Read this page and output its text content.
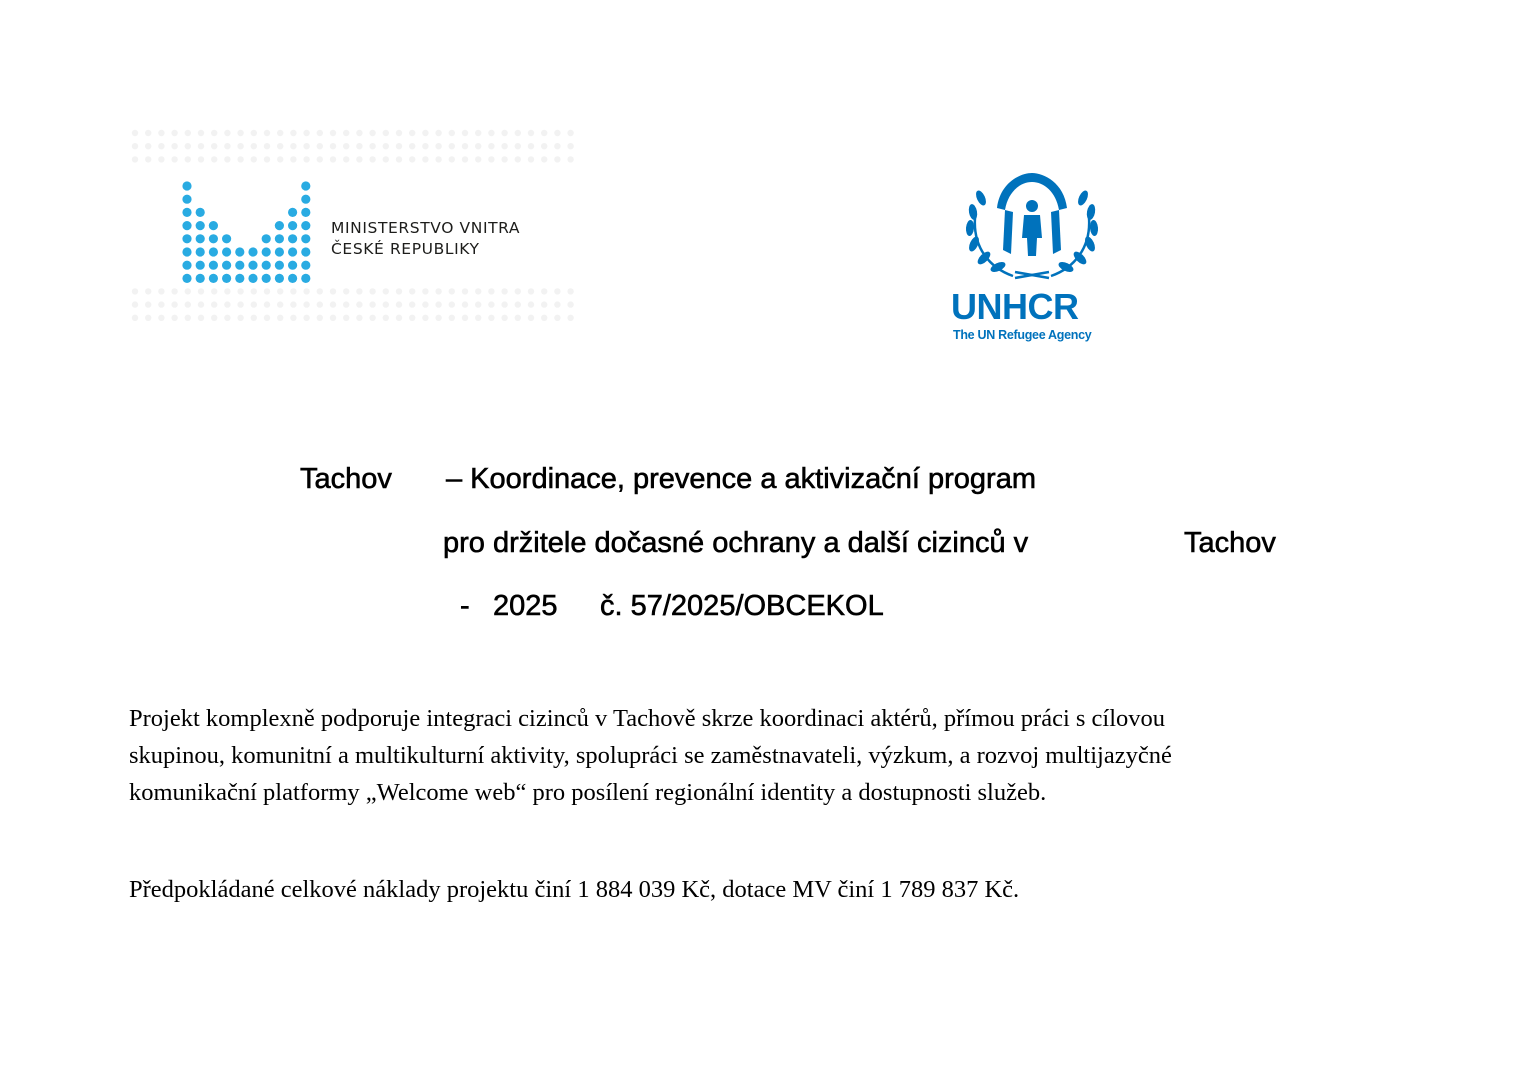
MINISTERSTVO VNITRA
ČESKÉ REPUBLIKY
UNHCR
The UN Refugee Agency
Tachov – Koordinace, prevence a aktivizační program
pro držitele dočasné ochrany a další cizinců v	Tachov
- 2025 č. 57/2025/OBCEKOL
Projekt komplexně podporuje integraci cizinců v Tachově skrze koordinaci aktérů, přímou práci s cílovou
skupinou, komunitní a multikulturní aktivity, spolupráci se zaměstnavateli, výzkum, a rozvoj multijazyčné
komunikační platformy „Welcome web“ pro posílení regionální identity a dostupnosti služeb.
Předpokládané celkové náklady projektu činí 1 884 039 Kč, dotace MV činí 1 789 837 Kč.
